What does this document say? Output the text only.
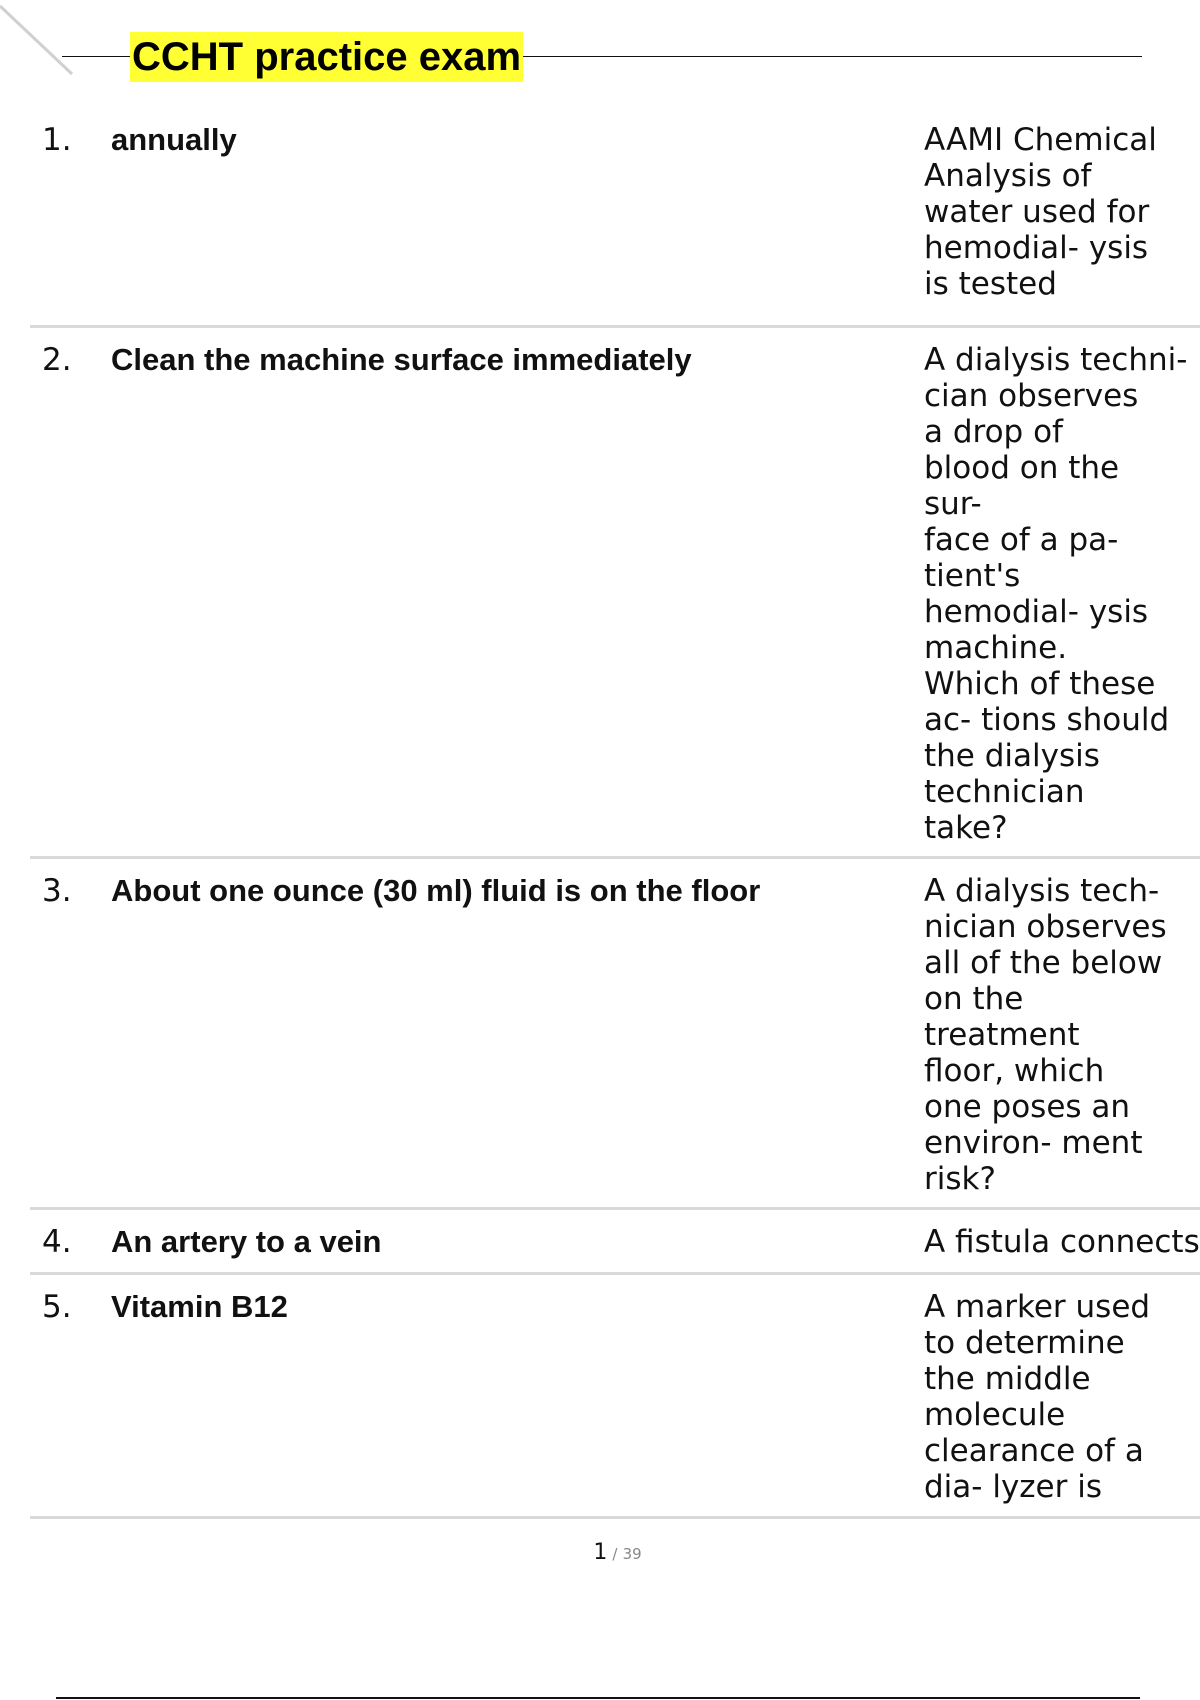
CCHT practice exam
1. annually	AAMI Chemical
Analysis of
water used for
hemodial- ysis
is tested
2. Clean the machine surface immediately	A dialysis techni-
cian observes
a drop of
blood on the
sur-
face of a pa-
tient's
hemodial- ysis
machine.
Which of these
ac- tions should
the dialysis
technician
take?
3. About one ounce (30 ml) fluid is on the floor	A dialysis tech-
nician observes
all of the below
on the
treatment
floor, which
one poses an
environ- ment
risk?
4. An artery to a vein	A fistula connects
5. Vitamin B12	A marker used
to determine
the middle
molecule
clearance of a
dia- lyzer is
1 / 39
